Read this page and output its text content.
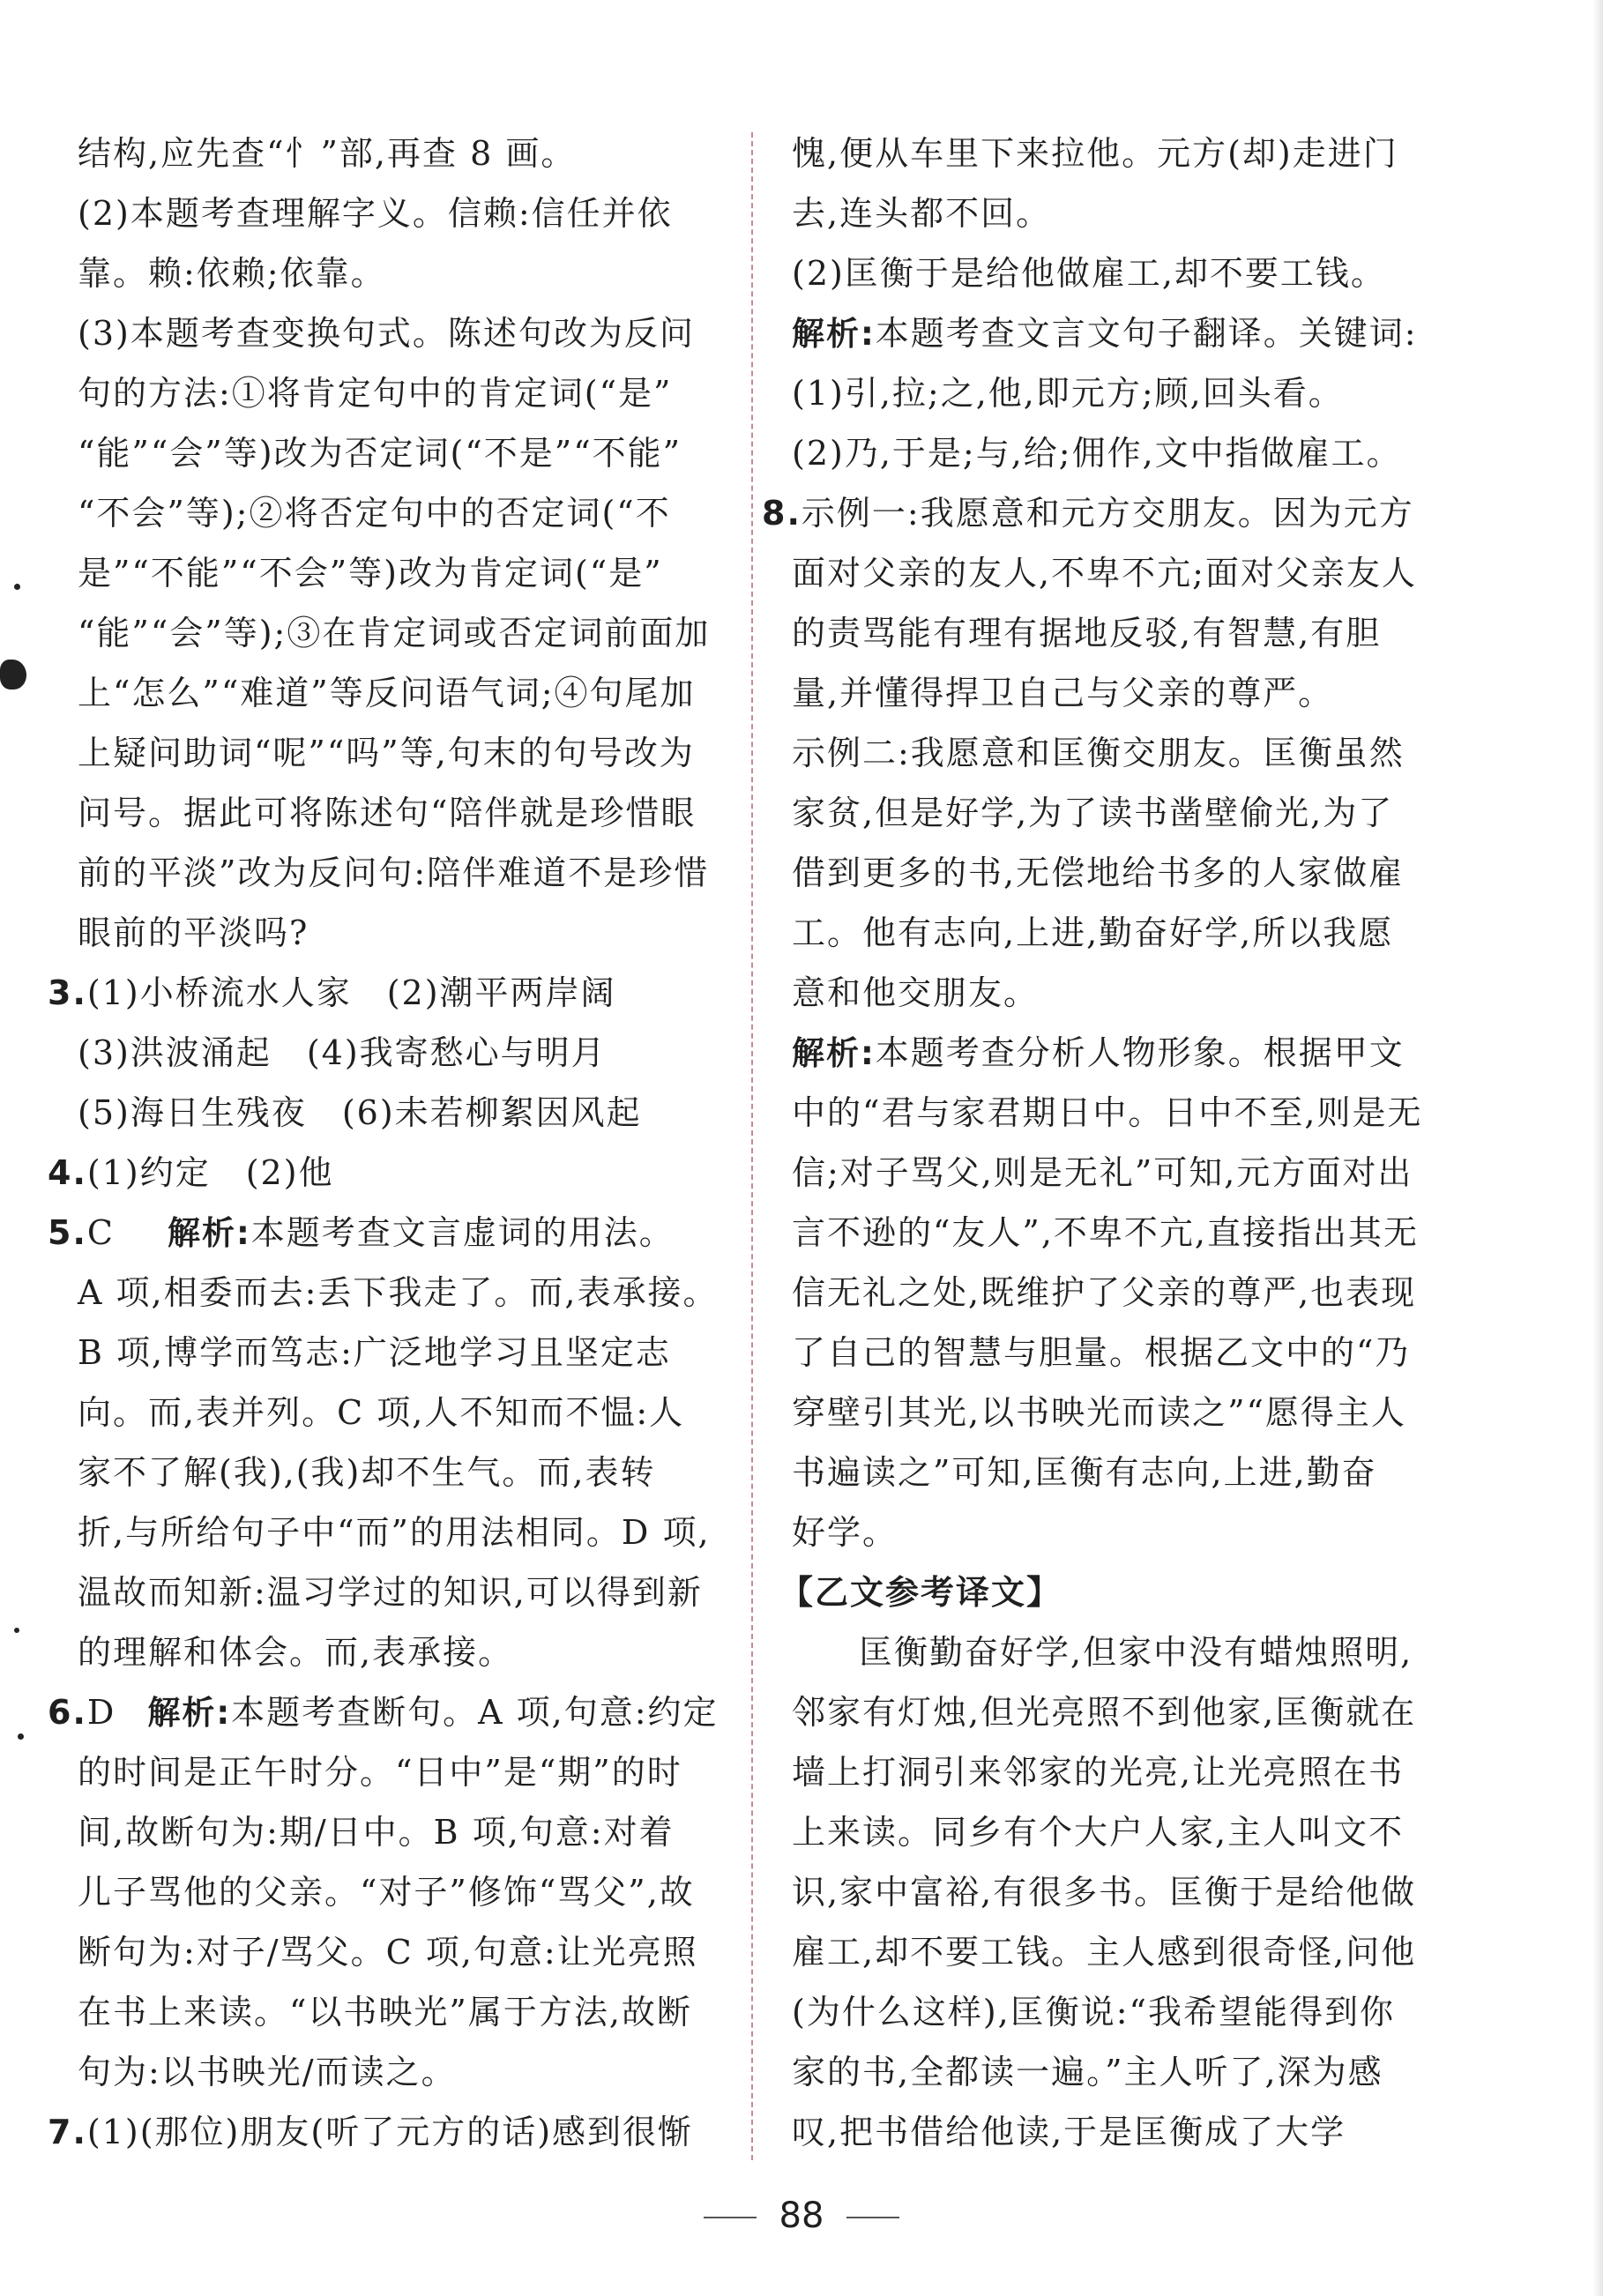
结构,应先查“忄”部,再查 8 画。
(2)本题考查理解字义。信赖:信任并依
靠。赖:依赖;依靠。
(3)本题考查变换句式。陈述句改为反问
句的方法:①将肯定句中的肯定词(“是”
“能”“会”等)改为否定词(“不是”“不能”
“不会”等);②将否定句中的否定词(“不
是”“不能”“不会”等)改为肯定词(“是”
“能”“会”等);③在肯定词或否定词前面加
上“怎么”“难道”等反问语气词;④句尾加
上疑问助词“呢”“吗”等,句末的句号改为
问号。据此可将陈述句“陪伴就是珍惜眼
前的平淡”改为反问句:陪伴难道不是珍惜
眼前的平淡吗?
3.(1)小桥流水人家　(2)潮平两岸阔
(3)洪波涌起　(4)我寄愁心与明月
(5)海日生残夜　(6)未若柳絮因风起
4.(1)约定　(2)他
5.C 解析:本题考查文言虚词的用法。
A 项,相委而去:丢下我走了。而,表承接。
B 项,博学而笃志:广泛地学习且坚定志
向。而,表并列。C 项,人不知而不愠:人
家不了解(我),(我)却不生气。而,表转
折,与所给句子中“而”的用法相同。D 项,
温故而知新:温习学过的知识,可以得到新
的理解和体会。而,表承接。
6.D 解析:本题考查断句。A 项,句意:约定
的时间是正午时分。“日中”是“期”的时
间,故断句为:期/日中。B 项,句意:对着
儿子骂他的父亲。“对子”修饰“骂父”,故
断句为:对子/骂父。C 项,句意:让光亮照
在书上来读。“以书映光”属于方法,故断
句为:以书映光/而读之。
7.(1)(那位)朋友(听了元方的话)感到很惭
愧,便从车里下来拉他。元方(却)走进门
去,连头都不回。
(2)匡衡于是给他做雇工,却不要工钱。
解析:本题考查文言文句子翻译。关键词:
(1)引,拉;之,他,即元方;顾,回头看。
(2)乃,于是;与,给;佣作,文中指做雇工。
8.示例一:我愿意和元方交朋友。因为元方
面对父亲的友人,不卑不亢;面对父亲友人
的责骂能有理有据地反驳,有智慧,有胆
量,并懂得捍卫自己与父亲的尊严。
示例二:我愿意和匡衡交朋友。匡衡虽然
家贫,但是好学,为了读书凿壁偷光,为了
借到更多的书,无偿地给书多的人家做雇
工。他有志向,上进,勤奋好学,所以我愿
意和他交朋友。
解析:本题考查分析人物形象。根据甲文
中的“君与家君期日中。日中不至,则是无
信;对子骂父,则是无礼”可知,元方面对出
言不逊的“友人”,不卑不亢,直接指出其无
信无礼之处,既维护了父亲的尊严,也表现
了自己的智慧与胆量。根据乙文中的“乃
穿壁引其光,以书映光而读之”“愿得主人
书遍读之”可知,匡衡有志向,上进,勤奋
好学。
【乙文参考译文】
匡衡勤奋好学,但家中没有蜡烛照明,
邻家有灯烛,但光亮照不到他家,匡衡就在
墙上打洞引来邻家的光亮,让光亮照在书
上来读。同乡有个大户人家,主人叫文不
识,家中富裕,有很多书。匡衡于是给他做
雇工,却不要工钱。主人感到很奇怪,问他
(为什么这样),匡衡说:“我希望能得到你
家的书,全都读一遍。”主人听了,深为感
叹,把书借给他读,于是匡衡成了大学
88
